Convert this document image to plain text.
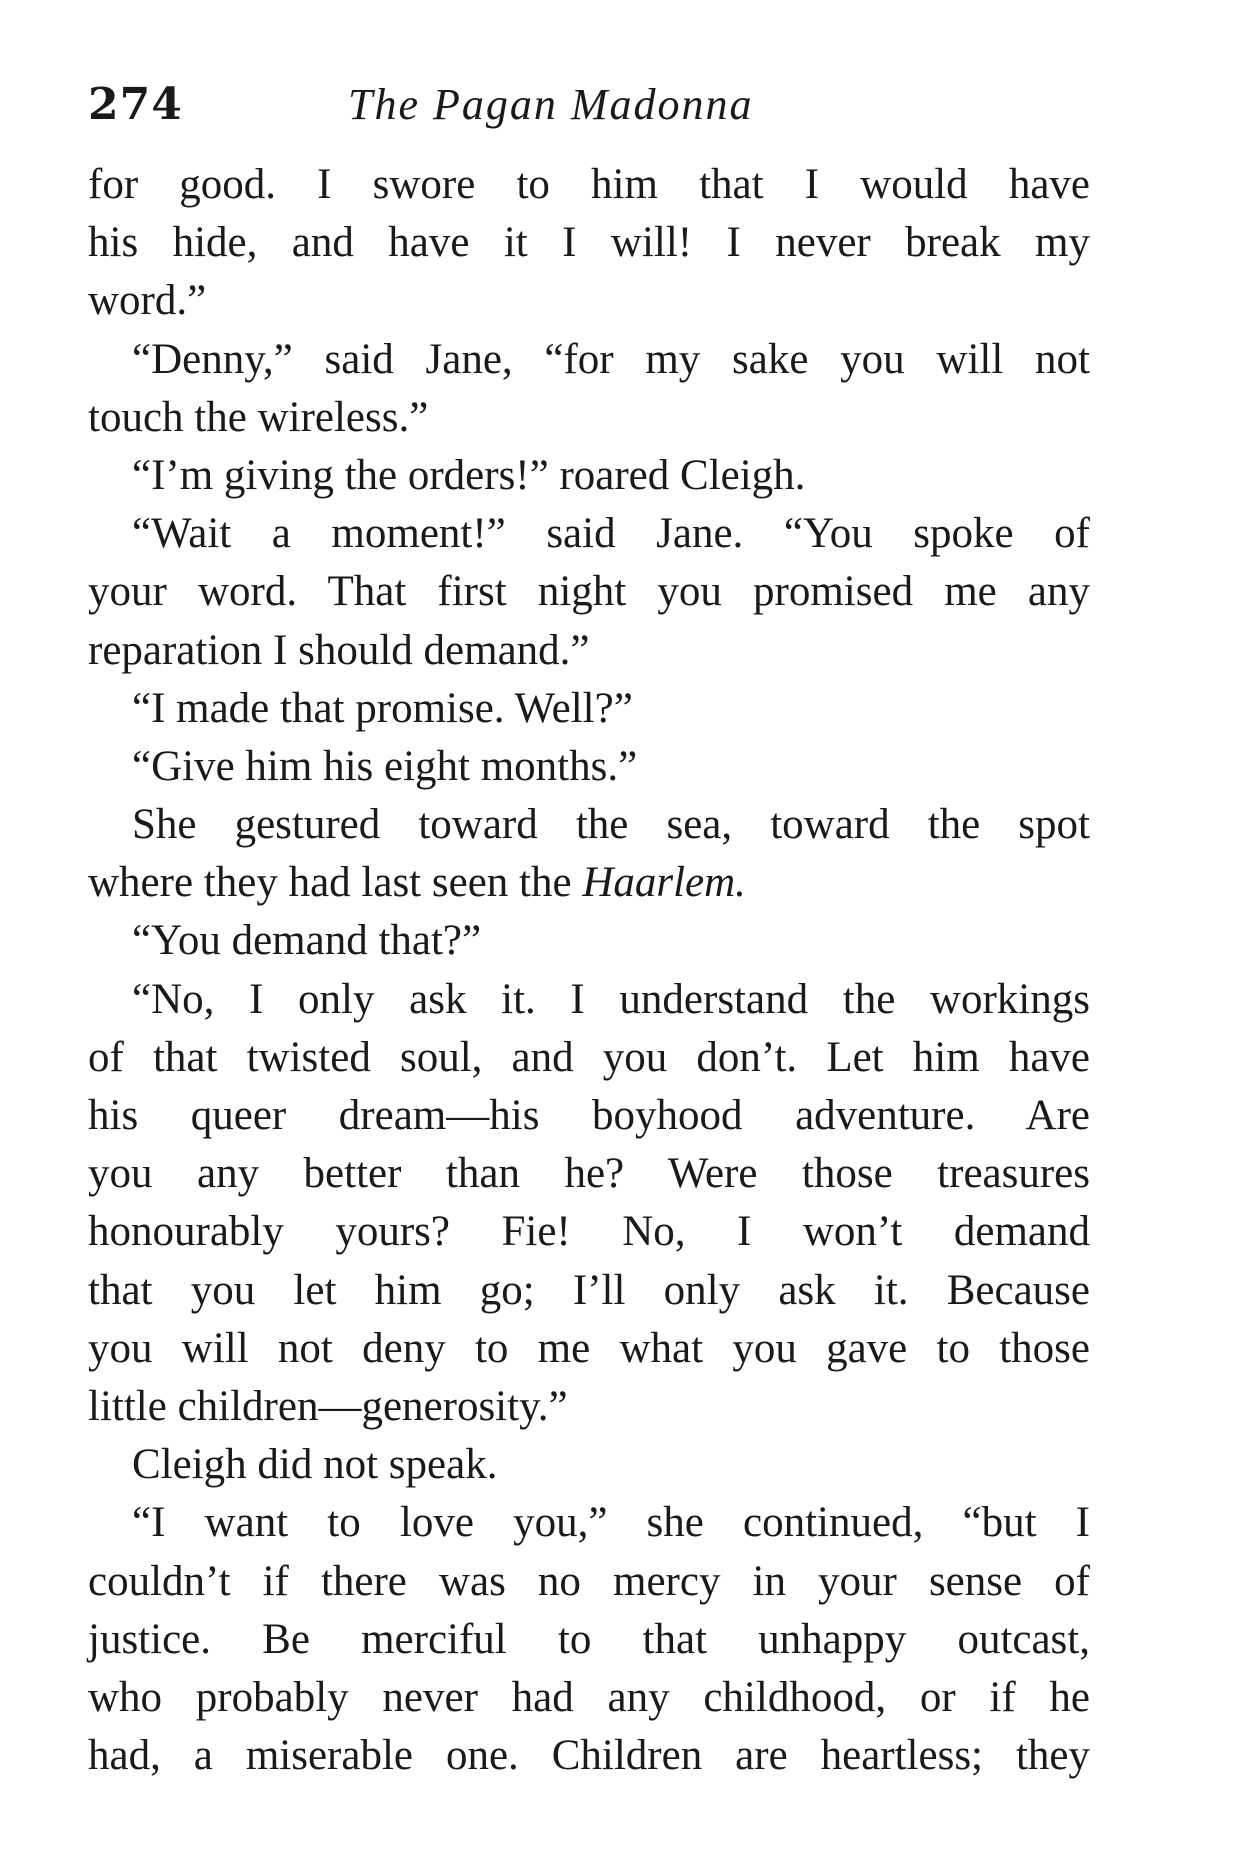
274	The Pagan Madonna
for good. I swore to him that I would have
his hide, and have it I will! I never break my
word.”
“Denny,” said Jane, “for my sake you will not
touch the wireless.”
“I’m giving the orders!” roared Cleigh.
“Wait a moment!” said Jane. “You spoke of
your word. That first night you promised me any
reparation I should demand.”
“I made that promise. Well?”
“Give him his eight months.”
She gestured toward the sea, toward the spot
where they had last seen the Haarlem.
“You demand that?”
“No, I only ask it. I understand the workings
of that twisted soul, and you don’t. Let him have
his queer dream—his boyhood adventure. Are
you any better than he? Were those treasures
honourably yours? Fie! No, I won’t demand
that you let him go; I’ll only ask it. Because
you will not deny to me what you gave to those
little children—generosity.”
Cleigh did not speak.
“I want to love you,” she continued, “but I
couldn’t if there was no mercy in your sense of
justice. Be merciful to that unhappy outcast,
who probably never had any childhood, or if he
had, a miserable one. Children are heartless; they
